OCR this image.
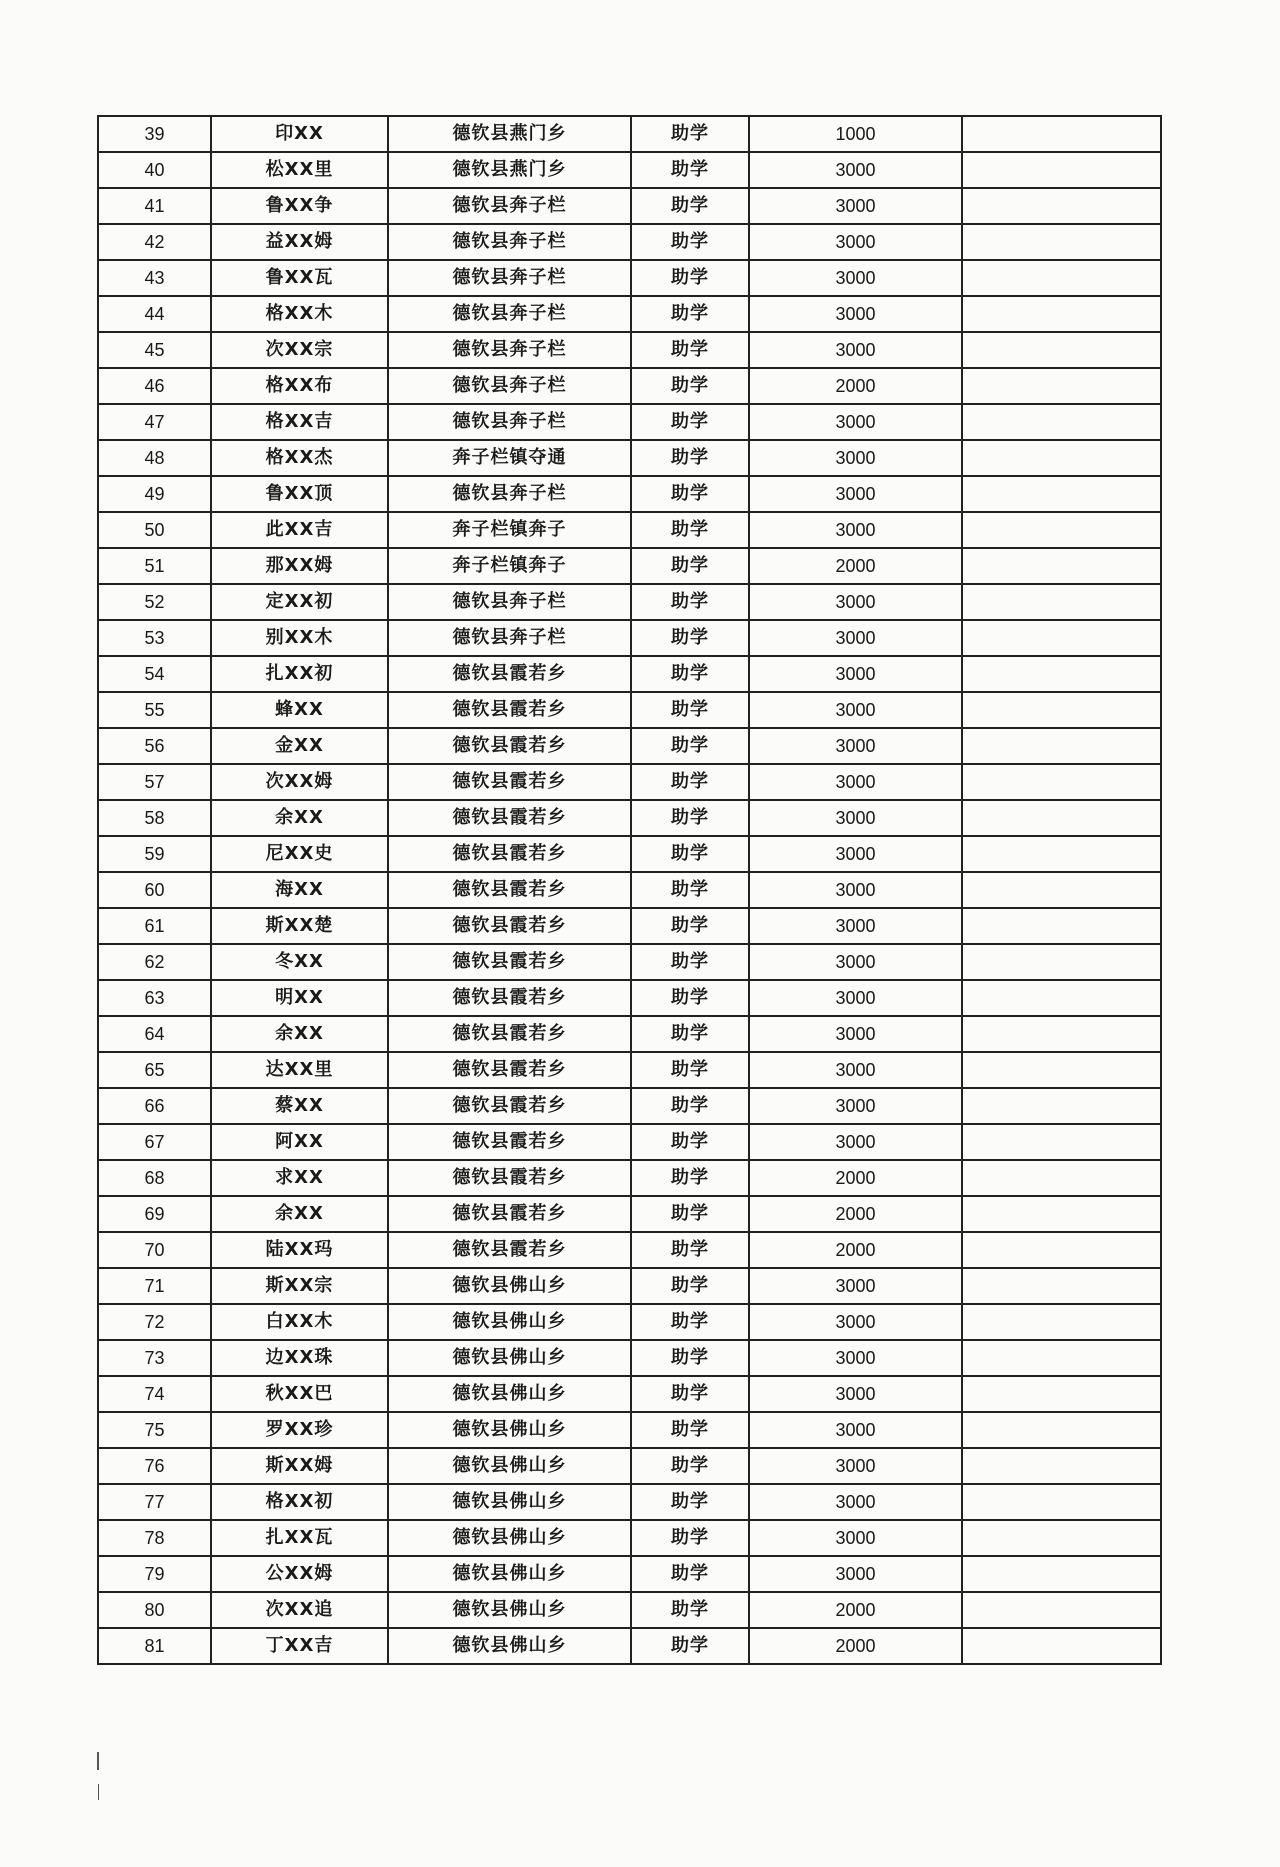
39	印XX	德钦县燕门乡	助学	1000	
40	松XX里	德钦县燕门乡	助学	3000	
41	鲁XX争	德钦县奔子栏	助学	3000	
42	益XX姆	德钦县奔子栏	助学	3000	
43	鲁XX瓦	德钦县奔子栏	助学	3000	
44	格XX木	德钦县奔子栏	助学	3000	
45	次XX宗	德钦县奔子栏	助学	3000	
46	格XX布	德钦县奔子栏	助学	2000	
47	格XX吉	德钦县奔子栏	助学	3000	
48	格XX杰	奔子栏镇夺通	助学	3000	
49	鲁XX顶	德钦县奔子栏	助学	3000	
50	此XX吉	奔子栏镇奔子	助学	3000	
51	那XX姆	奔子栏镇奔子	助学	2000	
52	定XX初	德钦县奔子栏	助学	3000	
53	别XX木	德钦县奔子栏	助学	3000	
54	扎XX初	德钦县霞若乡	助学	3000	
55	蜂XX	德钦县霞若乡	助学	3000	
56	金XX	德钦县霞若乡	助学	3000	
57	次XX姆	德钦县霞若乡	助学	3000	
58	余XX	德钦县霞若乡	助学	3000	
59	尼XX史	德钦县霞若乡	助学	3000	
60	海XX	德钦县霞若乡	助学	3000	
61	斯XX楚	德钦县霞若乡	助学	3000	
62	冬XX	德钦县霞若乡	助学	3000	
63	明XX	德钦县霞若乡	助学	3000	
64	余XX	德钦县霞若乡	助学	3000	
65	达XX里	德钦县霞若乡	助学	3000	
66	蔡XX	德钦县霞若乡	助学	3000	
67	阿XX	德钦县霞若乡	助学	3000	
68	求XX	德钦县霞若乡	助学	2000	
69	余XX	德钦县霞若乡	助学	2000	
70	陆XX玛	德钦县霞若乡	助学	2000	
71	斯XX宗	德钦县佛山乡	助学	3000	
72	白XX木	德钦县佛山乡	助学	3000	
73	边XX珠	德钦县佛山乡	助学	3000	
74	秋XX巴	德钦县佛山乡	助学	3000	
75	罗XX珍	德钦县佛山乡	助学	3000	
76	斯XX姆	德钦县佛山乡	助学	3000	
77	格XX初	德钦县佛山乡	助学	3000	
78	扎XX瓦	德钦县佛山乡	助学	3000	
79	公XX姆	德钦县佛山乡	助学	3000	
80	次XX追	德钦县佛山乡	助学	2000	
81	丁XX吉	德钦县佛山乡	助学	2000	
